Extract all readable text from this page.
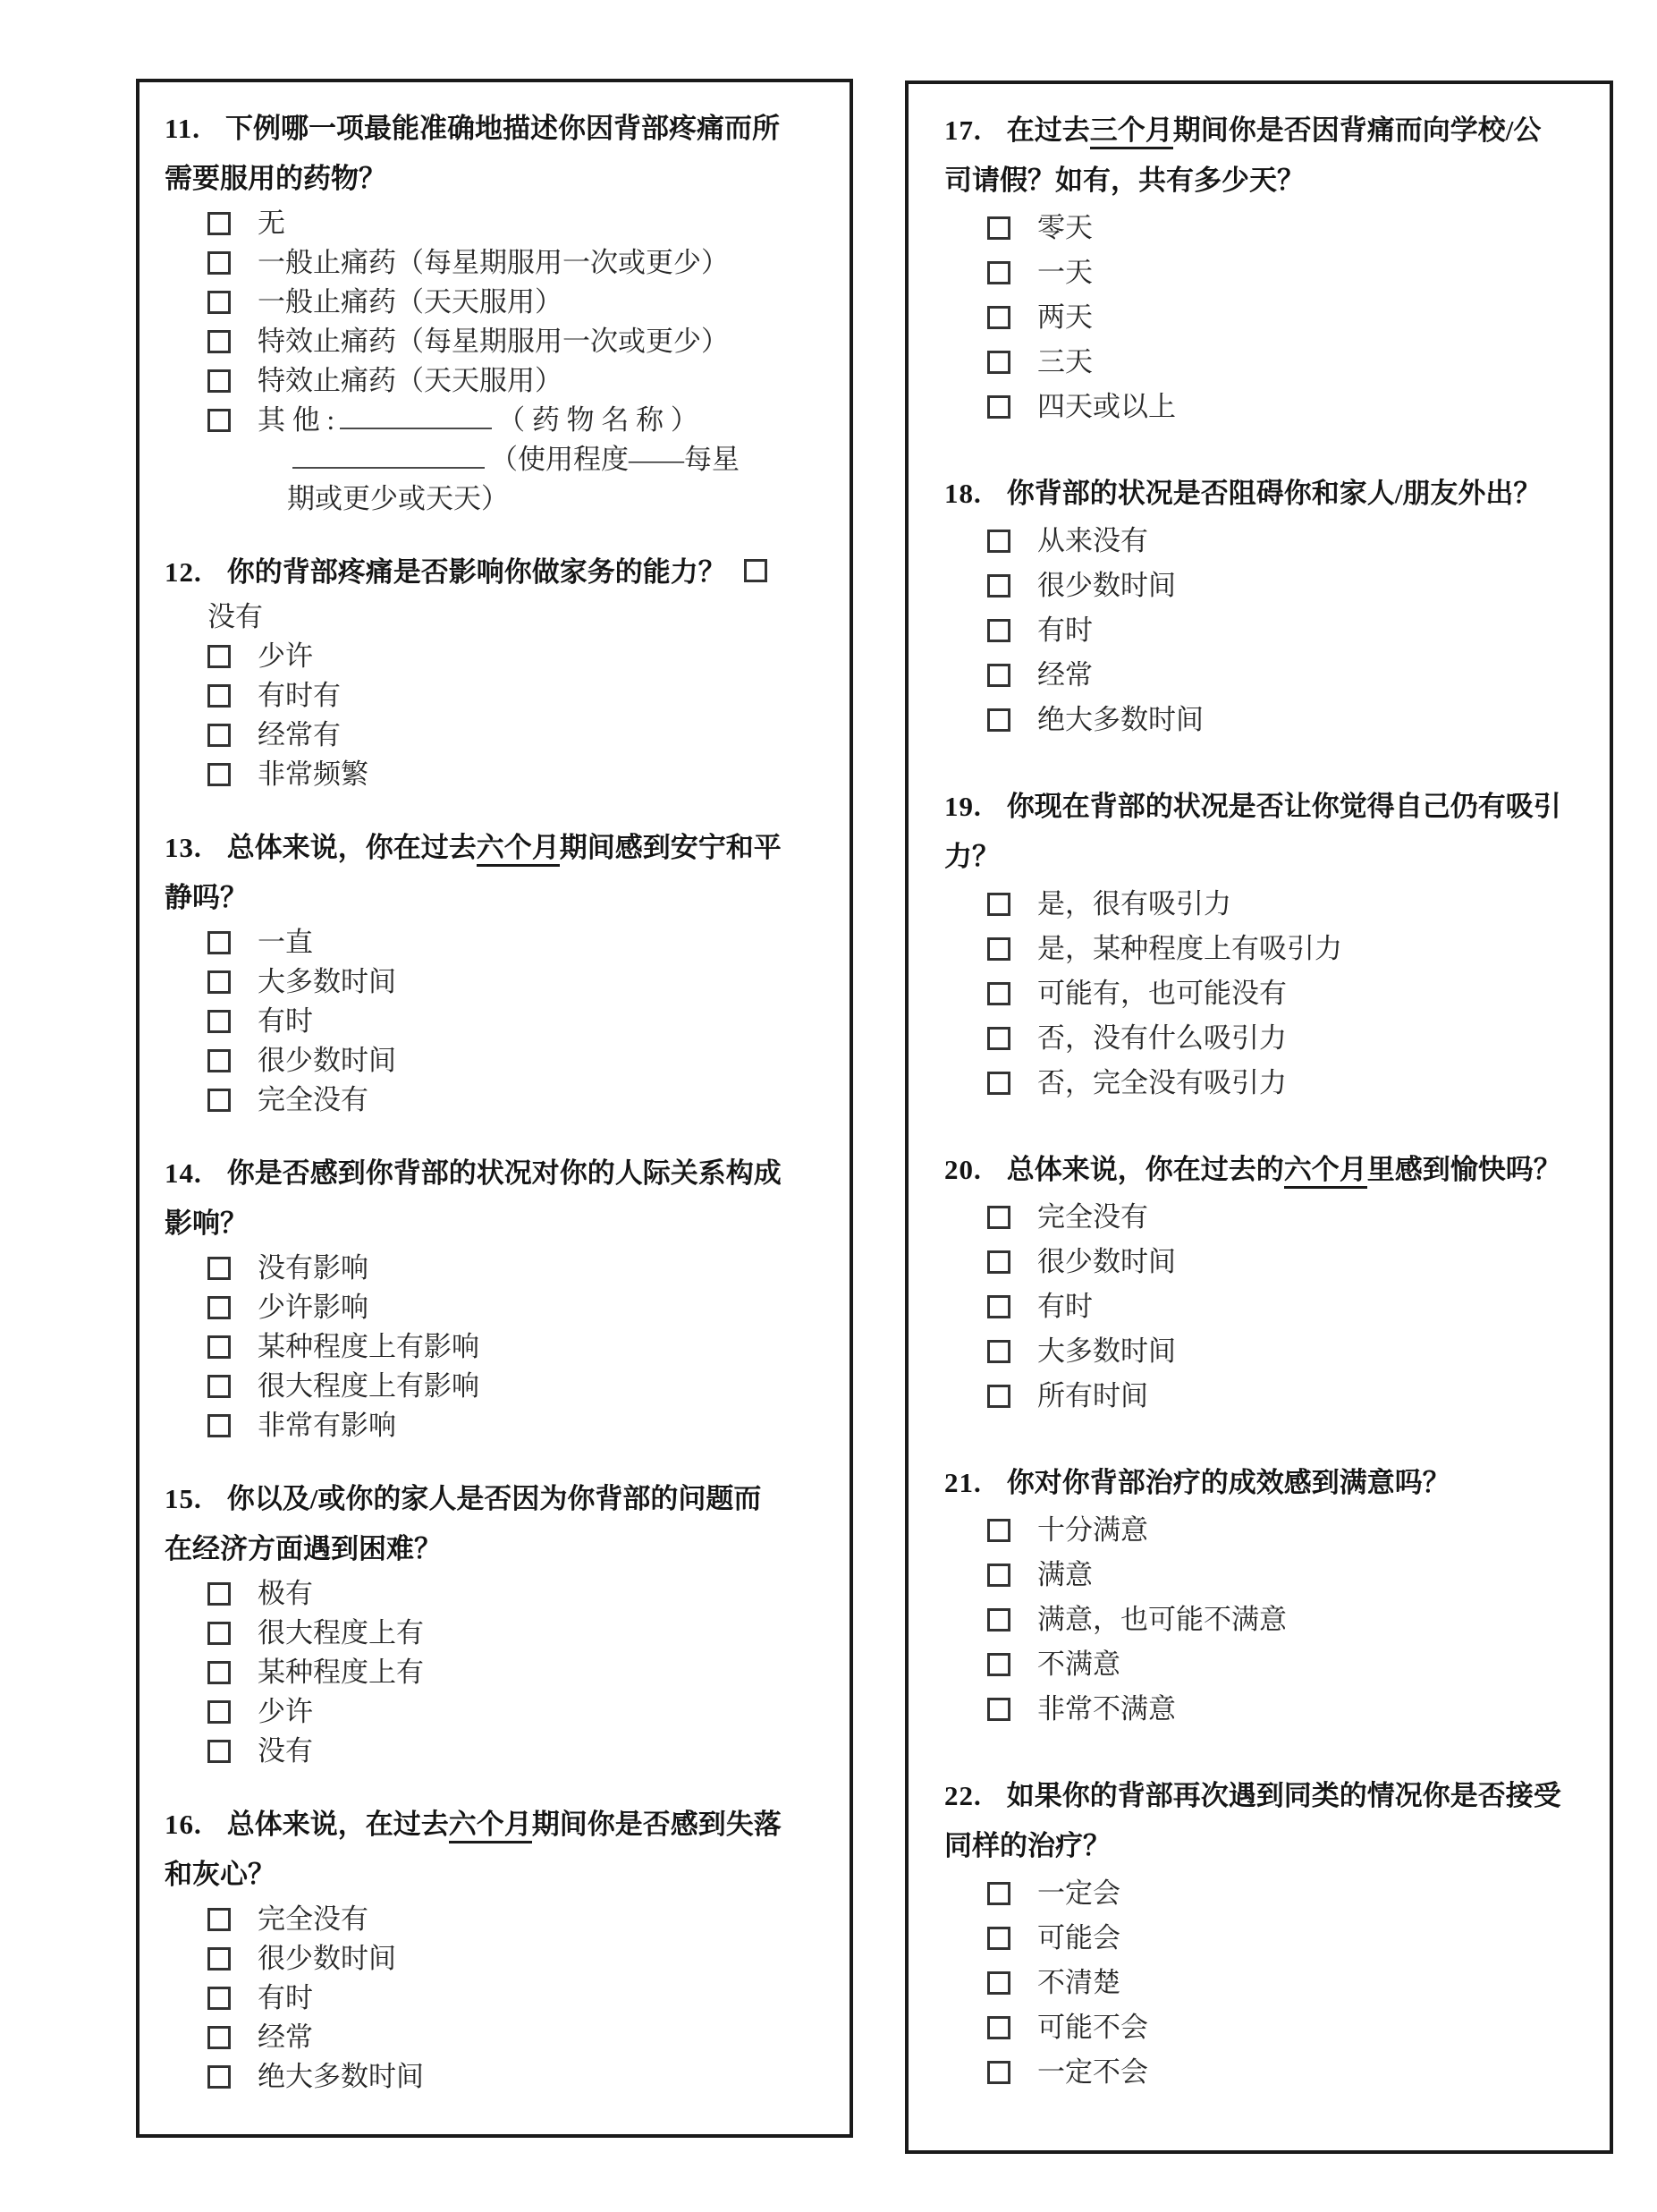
11. 下例哪一项最能准确地描述你因背部疼痛而所
需要服用的药物？
无
一般止痛药（每星期服用一次或更少）
一般止痛药（天天服用）
特效止痛药（每星期服用一次或更少）
特效止痛药（天天服用）
其 他 :	（ 药 物 名 称 ）
（使用程度——每星
期或更少或天天）
12. 你的背部疼痛是否影响你做家务的能力？
没有
少许
有时有
经常有
非常频繁
13. 总体来说，你在过去六个月期间感到安宁和平
静吗？
一直
大多数时间
有时
很少数时间
完全没有
14. 你是否感到你背部的状况对你的人际关系构成
影响？
没有影响
少许影响
某种程度上有影响
很大程度上有影响
非常有影响
15. 你以及/或你的家人是否因为你背部的问题而
在经济方面遇到困难？
极有
很大程度上有
某种程度上有
少许
没有
16. 总体来说，在过去六个月期间你是否感到失落
和灰心？
完全没有
很少数时间
有时
经常
绝大多数时间
17. 在过去三个月期间你是否因背痛而向学校/公
司请假？如有，共有多少天？
零天
一天
两天
三天
四天或以上
18. 你背部的状况是否阻碍你和家人/朋友外出？
从来没有
很少数时间
有时
经常
绝大多数时间
19. 你现在背部的状况是否让你觉得自己仍有吸引
力？
是，很有吸引力
是，某种程度上有吸引力
可能有，也可能没有
否，没有什么吸引力
否，完全没有吸引力
20. 总体来说，你在过去的六个月里感到愉快吗？
完全没有
很少数时间
有时
大多数时间
所有时间
21. 你对你背部治疗的成效感到满意吗？
十分满意
满意
满意，也可能不满意
不满意
非常不满意
22. 如果你的背部再次遇到同类的情况你是否接受
同样的治疗？
一定会
可能会
不清楚
可能不会
一定不会
